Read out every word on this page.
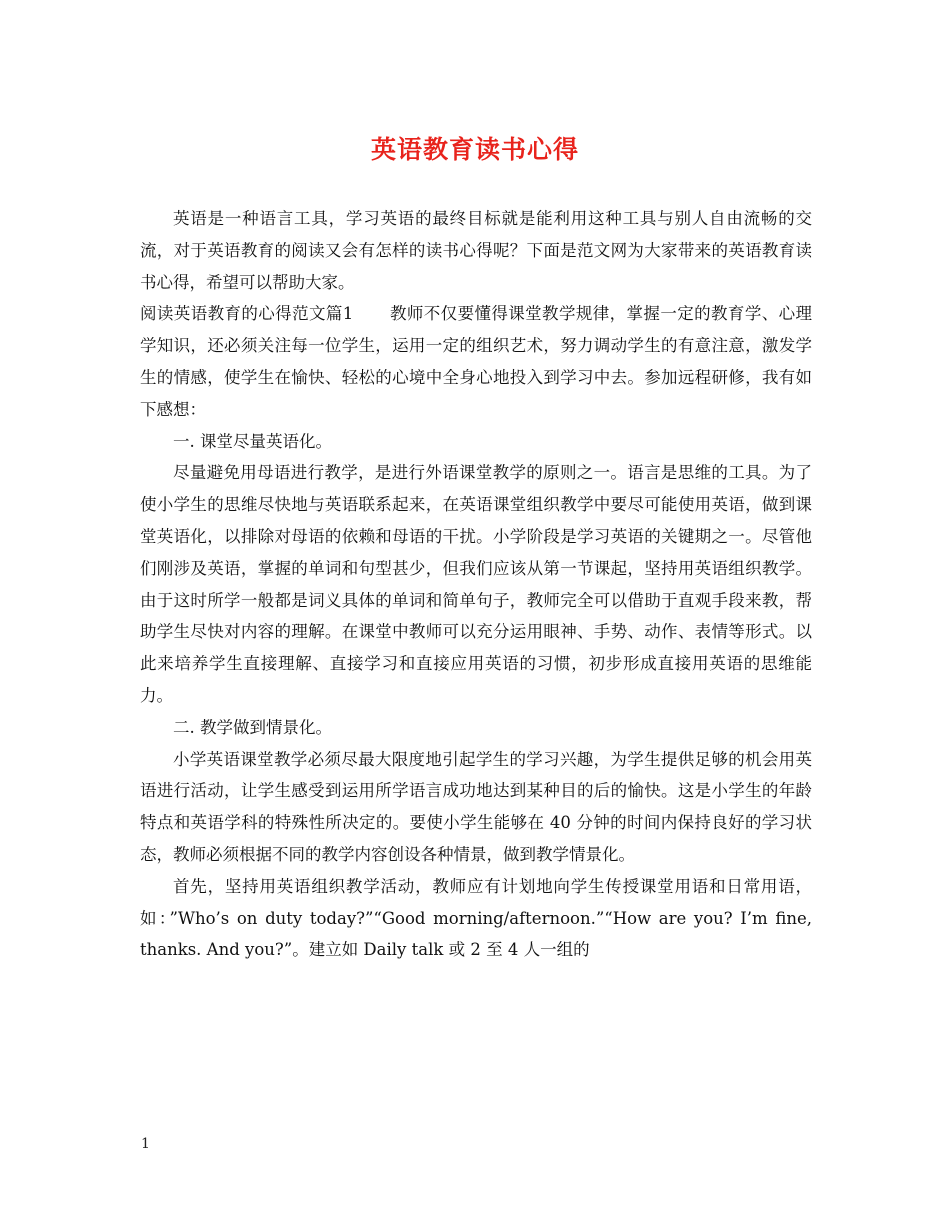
英语教育读书心得

英语是一种语言工具，学习英语的最终目标就是能利用这种工具与别人自由流畅的交流，对于英语教育的阅读又会有怎样的读书心得呢？下面是范文网为大家带来的英语教育读书心得，希望可以帮助大家。

阅读英语教育的心得范文篇1 教师不仅要懂得课堂教学规律，掌握一定的教育学、心理学知识，还必须关注每一位学生，运用一定的组织艺术，努力调动学生的有意注意，激发学生的情感，使学生在愉快、轻松的心境中全身心地投入到学习中去。参加远程研修，我有如下感想：

一. 课堂尽量英语化。

尽量避免用母语进行教学，是进行外语课堂教学的原则之一。语言是思维的工具。为了使小学生的思维尽快地与英语联系起来，在英语课堂组织教学中要尽可能使用英语，做到课堂英语化，以排除对母语的依赖和母语的干扰。小学阶段是学习英语的关键期之一。尽管他们刚涉及英语，掌握的单词和句型甚少，但我们应该从第一节课起，坚持用英语组织教学。由于这时所学一般都是词义具体的单词和简单句子，教师完全可以借助于直观手段来教，帮助学生尽快对内容的理解。在课堂中教师可以充分运用眼神、手势、动作、表情等形式。以此来培养学生直接理解、直接学习和直接应用英语的习惯，初步形成直接用英语的思维能力。

二. 教学做到情景化。

小学英语课堂教学必须尽最大限度地引起学生的学习兴趣，为学生提供足够的机会用英语进行活动，让学生感受到运用所学语言成功地达到某种目的后的愉快。这是小学生的年龄特点和英语学科的特殊性所决定的。要使小学生能够在 40 分钟的时间内保持良好的学习状态，教师必须根据不同的教学内容创设各种情景，做到教学情景化。

首先，坚持用英语组织教学活动，教师应有计划地向学生传授课堂用语和日常用语，如：”Who’s on duty today?”“Good morning/afternoon.”“How are you? I’m fine, thanks. And you?”。建立如 Daily talk 或 2 至 4 人一组的

1
